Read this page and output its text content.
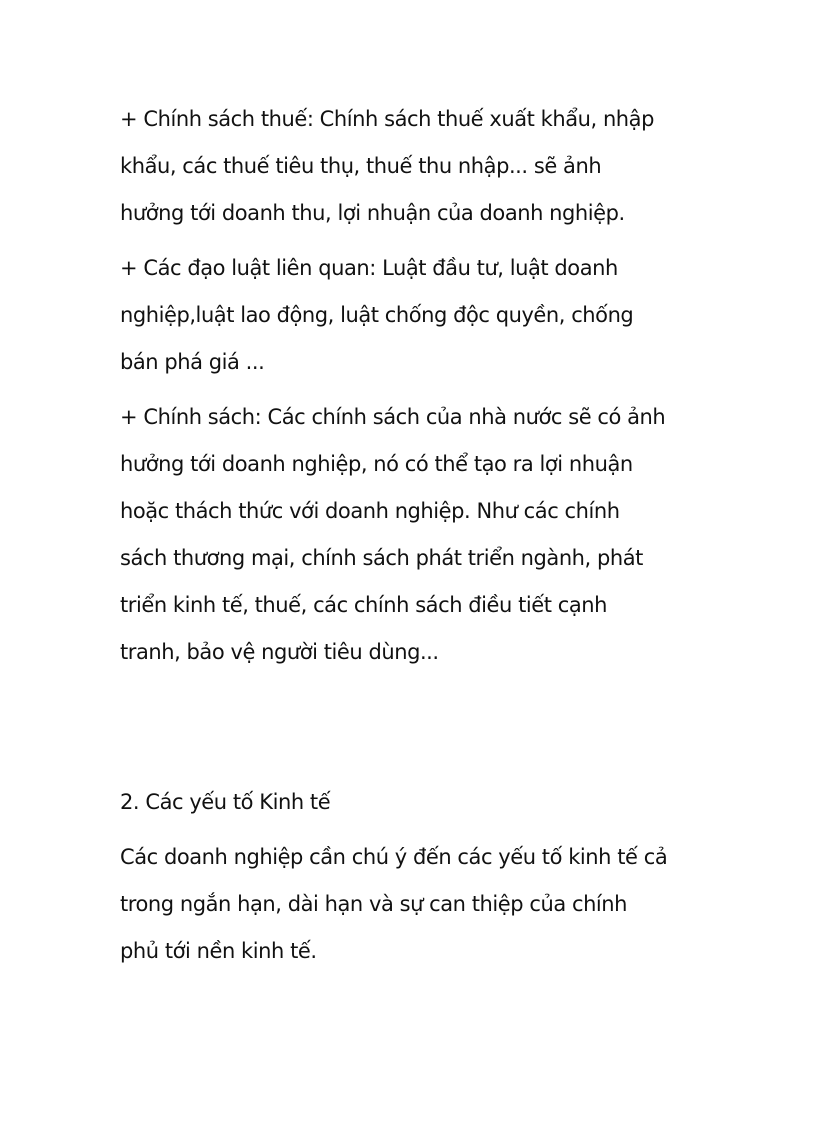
+ Chính sách thuế: Chính sách thuế xuất khẩu, nhập
khẩu, các thuế tiêu thụ, thuế thu nhập... sẽ ảnh
hưởng tới doanh thu, lợi nhuận của doanh nghiệp.
+ Các đạo luật liên quan: Luật đầu tư, luật doanh
nghiệp,luật lao động, luật chống độc quyền, chống
bán phá giá ...
+ Chính sách: Các chính sách của nhà nước sẽ có ảnh
hưởng tới doanh nghiệp, nó có thể tạo ra lợi nhuận
hoặc thách thức với doanh nghiệp. Như các chính
sách thương mại, chính sách phát triển ngành, phát
triển kinh tế, thuế, các chính sách điều tiết cạnh
tranh, bảo vệ người tiêu dùng...
2. Các yếu tố Kinh tế
Các doanh nghiệp cần chú ý đến các yếu tố kinh tế cả
trong ngắn hạn, dài hạn và sự can thiệp của chính
phủ tới nền kinh tế.
